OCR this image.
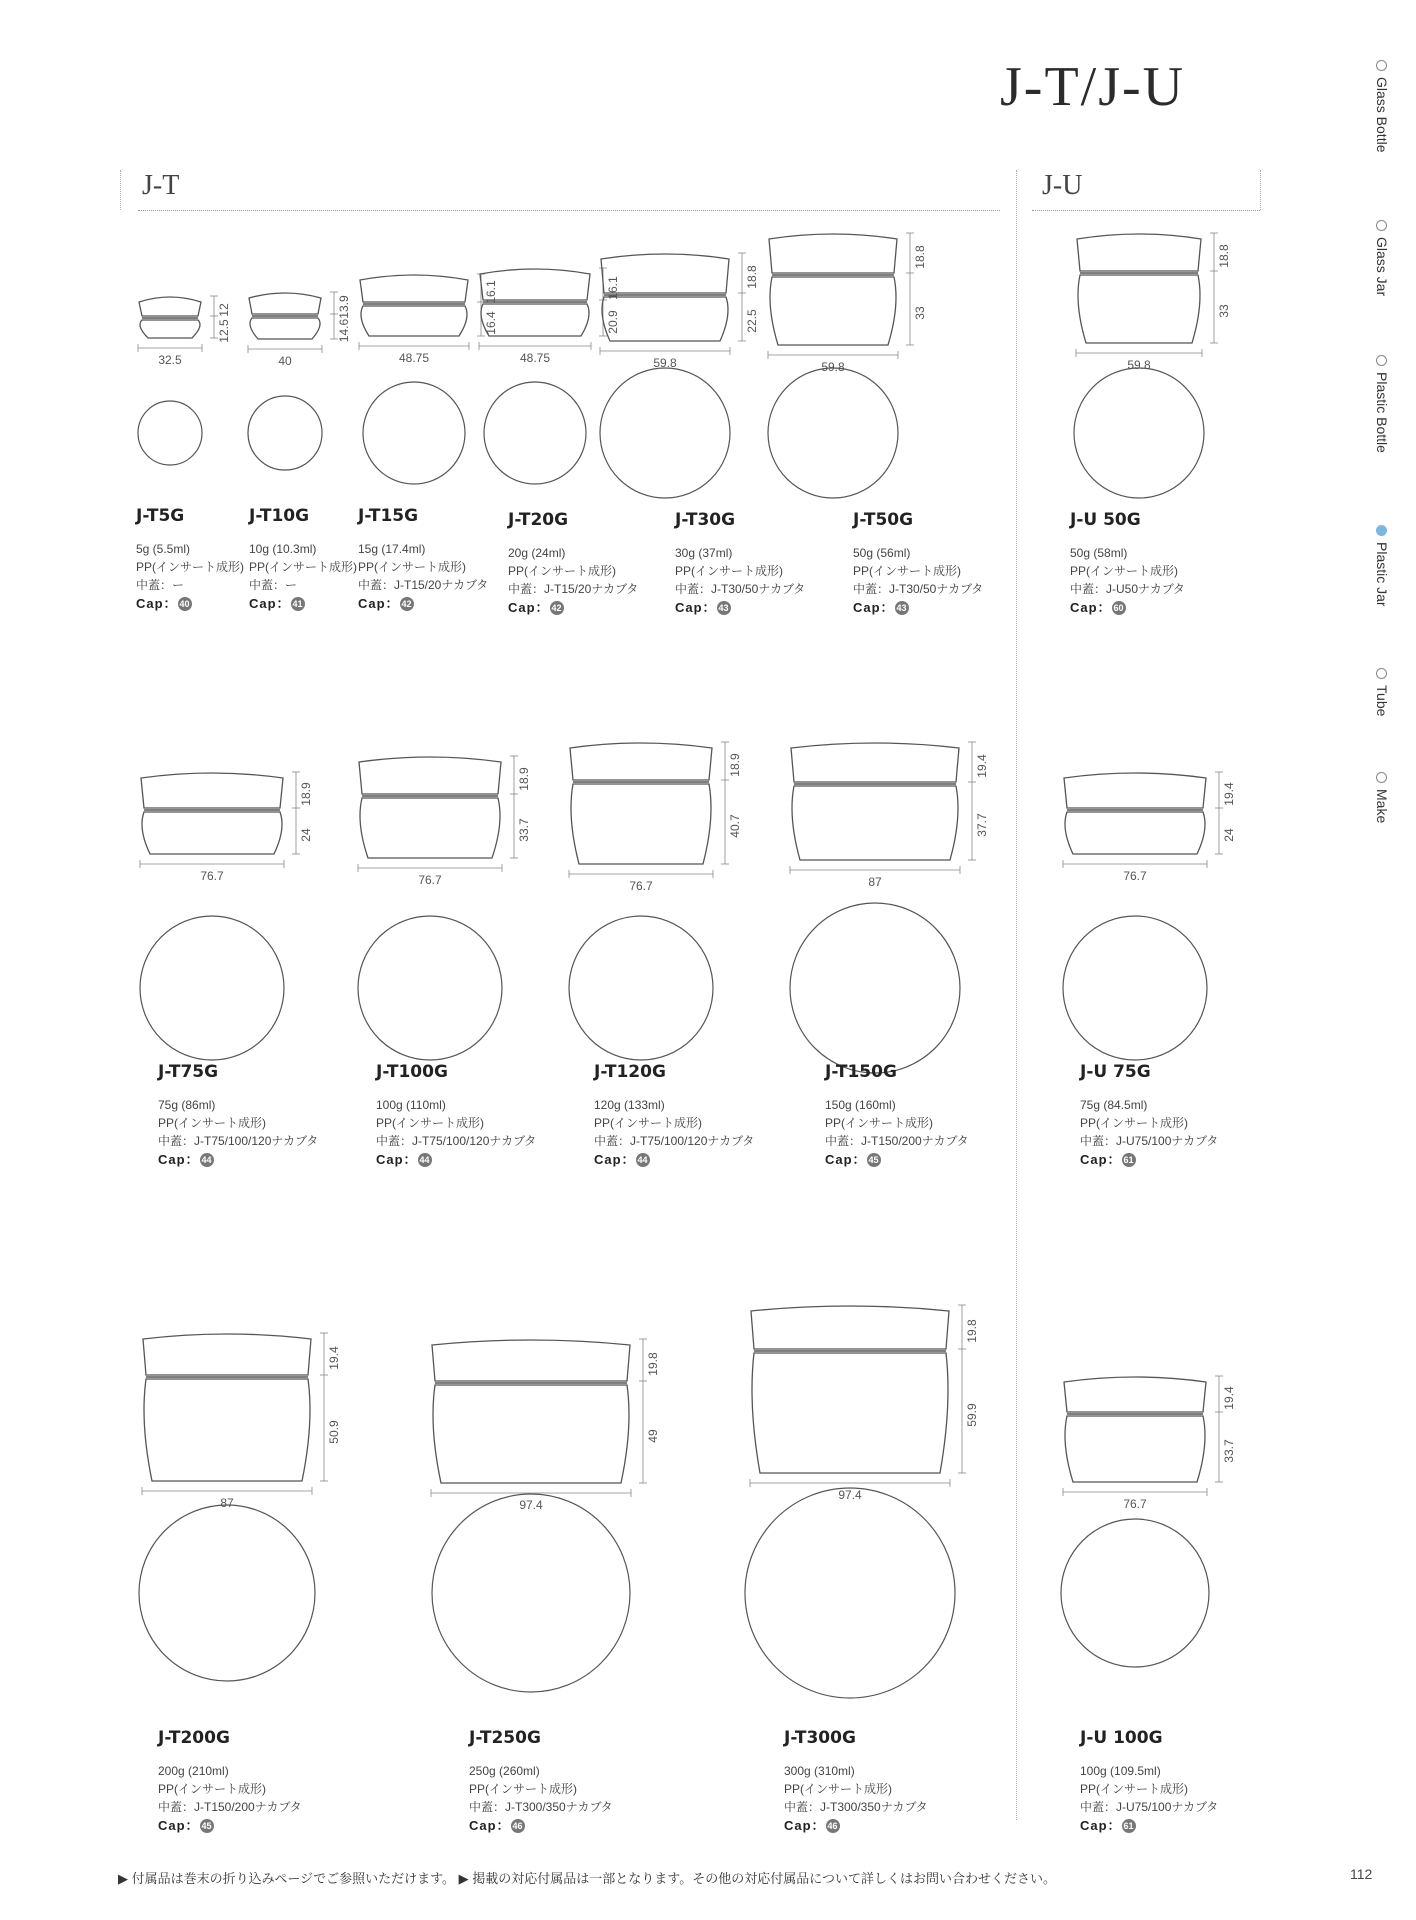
J-T/J-U
J-T	J-U
32.5
12
12.5
40
13.9
14.6
48.75
16.1
16.4
48.75
16.1
20.9
59.8
18.8
22.5
59.8
18.8
33
59.8
18.8
33
76.7
18.9
24
76.7
18.9
33.7
76.7
18.9
40.7
87
19.4
37.7
76.7
19.4
24
87
19.4
50.9
97.4
19.8
49
97.4
19.8
59.9
76.7
19.4
33.7
J-T5G
5g (5.5ml)
PP(インサート成形)
中蓋：ー
Cap： 40
J-T10G
10g (10.3ml)
PP(インサート成形)
中蓋：ー
Cap： 41
J-T15G
15g (17.4ml)
PP(インサート成形)
中蓋：J-T15/20ナカブタ
Cap： 42
J-T20G
20g (24ml)
PP(インサート成形)
中蓋：J-T15/20ナカブタ
Cap： 42
J-T30G
30g (37ml)
PP(インサート成形)
中蓋：J-T30/50ナカブタ
Cap： 43
J-T50G
50g (56ml)
PP(インサート成形)
中蓋：J-T30/50ナカブタ
Cap： 43
J-U 50G
50g (58ml)
PP(インサート成形)
中蓋：J-U50ナカブタ
Cap： 60
J-T75G
75g (86ml)
PP(インサート成形)
中蓋：J-T75/100/120ナカブタ
Cap： 44
J-T100G
100g (110ml)
PP(インサート成形)
中蓋：J-T75/100/120ナカブタ
Cap： 44
J-T120G
120g (133ml)
PP(インサート成形)
中蓋：J-T75/100/120ナカブタ
Cap： 44
J-T150G
150g (160ml)
PP(インサート成形)
中蓋：J-T150/200ナカブタ
Cap： 45
J-U 75G
75g (84.5ml)
PP(インサート成形)
中蓋：J-U75/100ナカブタ
Cap： 61
J-T200G
200g (210ml)
PP(インサート成形)
中蓋：J-T150/200ナカブタ
Cap： 45
J-T250G
250g (260ml)
PP(インサート成形)
中蓋：J-T300/350ナカブタ
Cap： 46
J-T300G
300g (310ml)
PP(インサート成形)
中蓋：J-T300/350ナカブタ
Cap： 46
J-U 100G
100g (109.5ml)
PP(インサート成形)
中蓋：J-U75/100ナカブタ
Cap： 61
Glass Bottle
Glass Jar
Plastic Bottle
Plastic Jar
Tube
Make
▶ 付属品は巻末の折り込みページでご参照いただけます。 ▶ 掲載の対応付属品は一部となります。その他の対応付属品について詳しくはお問い合わせください。	112
